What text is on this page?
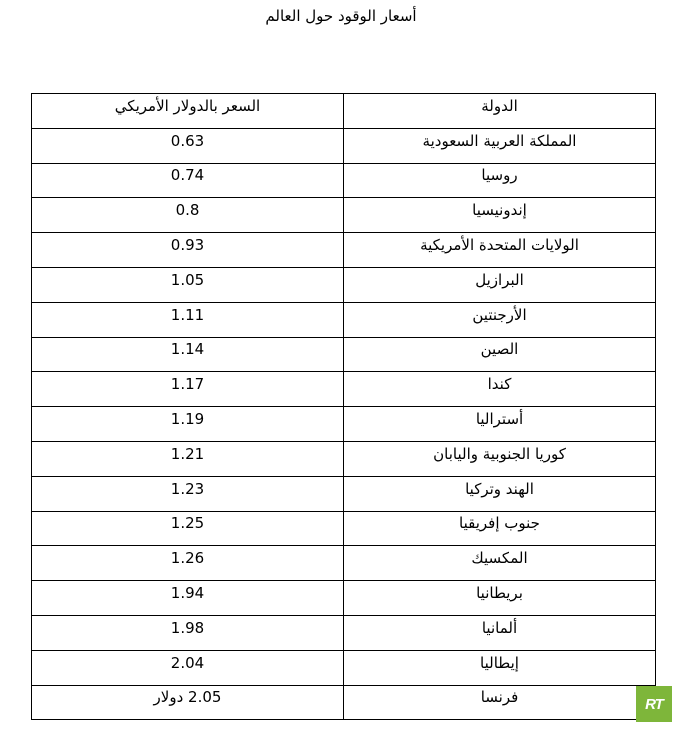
أسعار الوقود حول العالم
الدولة	السعر بالدولار الأمريكي
المملكة العربية السعودية	0.63
روسيا	0.74
إندونيسيا	0.8
الولايات المتحدة الأمريكية	0.93
البرازيل	1.05
الأرجنتين	1.11
الصين	1.14
كندا	1.17
أستراليا	1.19
كوريا الجنوبية واليابان	1.21
الهند وتركيا	1.23
جنوب إفريقيا	1.25
المكسيك	1.26
بريطانيا	1.94
ألمانيا	1.98
إيطاليا	2.04
فرنسا	2.05 دولار	RT
